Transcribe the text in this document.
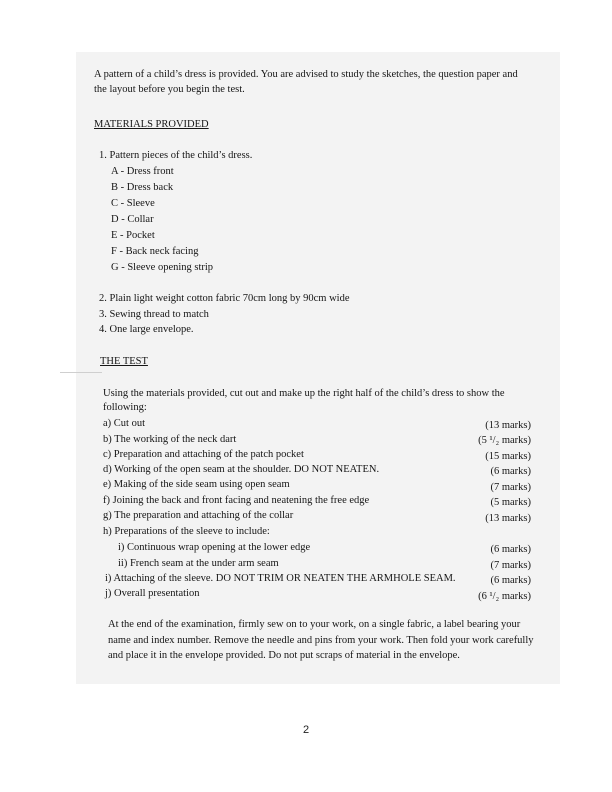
A pattern of a child’s dress is provided. You are advised to study the sketches, the question paper and
the layout before you begin the test.
MATERIALS PROVIDED
1. Pattern pieces of the child’s dress.
A - Dress front
B - Dress back
C - Sleeve
D - Collar
E - Pocket
F - Back neck facing
G - Sleeve opening strip
2. Plain light weight cotton fabric 70cm long by 90cm wide
3. Sewing thread to match
4. One large envelope.
THE TEST
Using the materials provided, cut out and make up the right half of the child’s dress to show the
following:
a) Cut out	(13 marks)
b) The working of the neck dart	(5 ¹/₂ marks)
c) Preparation and attaching of the patch pocket	(15 marks)
d) Working of the open seam at the shoulder. DO NOT NEATEN.	(6 marks)
e) Making of the side seam using open seam	(7 marks)
f) Joining the back and front facing and neatening the free edge	(5 marks)
g) The preparation and attaching of the collar	(13 marks)
h) Preparations of the sleeve to include:
i) Continuous wrap opening at the lower edge	(6 marks)
ii) French seam at the under arm seam	(7 marks)
i) Attaching of the sleeve. DO NOT TRIM OR NEATEN THE ARMHOLE SEAM.	(6 marks)
j) Overall presentation	(6 ¹/₂ marks)
At the end of the examination, firmly sew on to your work, on a single fabric, a label bearing your
name and index number. Remove the needle and pins from your work. Then fold your work carefully
and place it in the envelope provided. Do not put scraps of material in the envelope.
2
